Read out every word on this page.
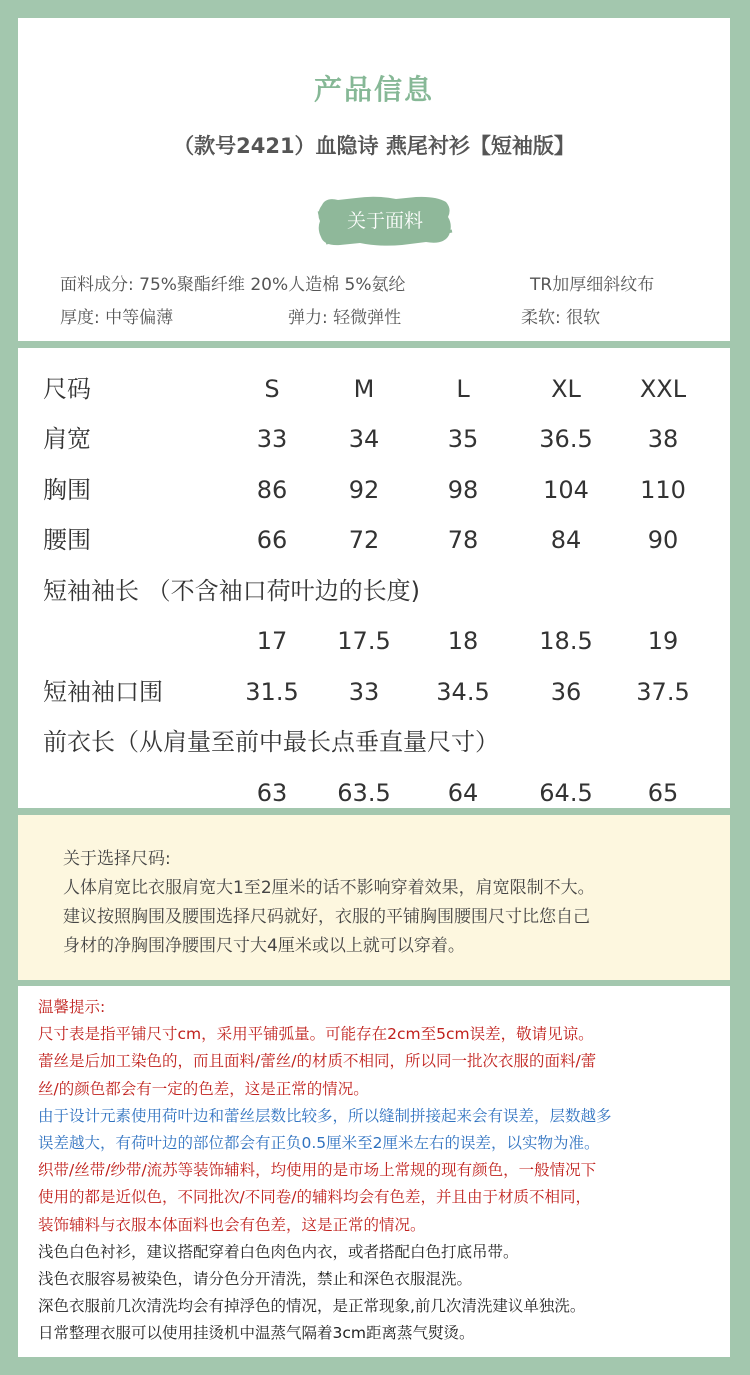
产品信息
（款号2421）血隐诗 燕尾衬衫【短袖版】
关于面料
面料成分: 75%聚酯纤维 20%人造棉 5%氨纶	TR加厚细斜纹布
厚度: 中等偏薄	弹力: 轻微弹性	柔软: 很软
尺码	S	M	L	XL	XXL
肩宽	33	34	35	36.5	38
胸围	86	92	98	104	110
腰围	66	72	78	84	90
短袖袖长 （不含袖口荷叶边的长度)
17	17.5	18	18.5	19
短袖袖口围	31.5	33	34.5	36	37.5
前衣长（从肩量至前中最长点垂直量尺寸）
63	63.5	64	64.5	65
关于选择尺码:
人体肩宽比衣服肩宽大1至2厘米的话不影响穿着效果，肩宽限制不大。
建议按照胸围及腰围选择尺码就好，衣服的平铺胸围腰围尺寸比您自己
身材的净胸围净腰围尺寸大4厘米或以上就可以穿着。
温馨提示:
尺寸表是指平铺尺寸cm，采用平铺弧量。可能存在2cm至5cm误差，敬请见谅。
蕾丝是后加工染色的，而且面料/蕾丝/的材质不相同，所以同一批次衣服的面料/蕾
丝/的颜色都会有一定的色差，这是正常的情况。
由于设计元素使用荷叶边和蕾丝层数比较多，所以缝制拼接起来会有误差，层数越多
误差越大，有荷叶边的部位都会有正负0.5厘米至2厘米左右的误差，以实物为准。
织带/丝带/纱带/流苏等装饰辅料，均使用的是市场上常规的现有颜色，一般情况下
使用的都是近似色，不同批次/不同卷/的辅料均会有色差，并且由于材质不相同，
装饰辅料与衣服本体面料也会有色差，这是正常的情况。
浅色白色衬衫，建议搭配穿着白色肉色内衣，或者搭配白色打底吊带。
浅色衣服容易被染色，请分色分开清洗，禁止和深色衣服混洗。
深色衣服前几次清洗均会有掉浮色的情况，是正常现象,前几次清洗建议单独洗。
日常整理衣服可以使用挂烫机中温蒸气隔着3cm距离蒸气熨烫。
